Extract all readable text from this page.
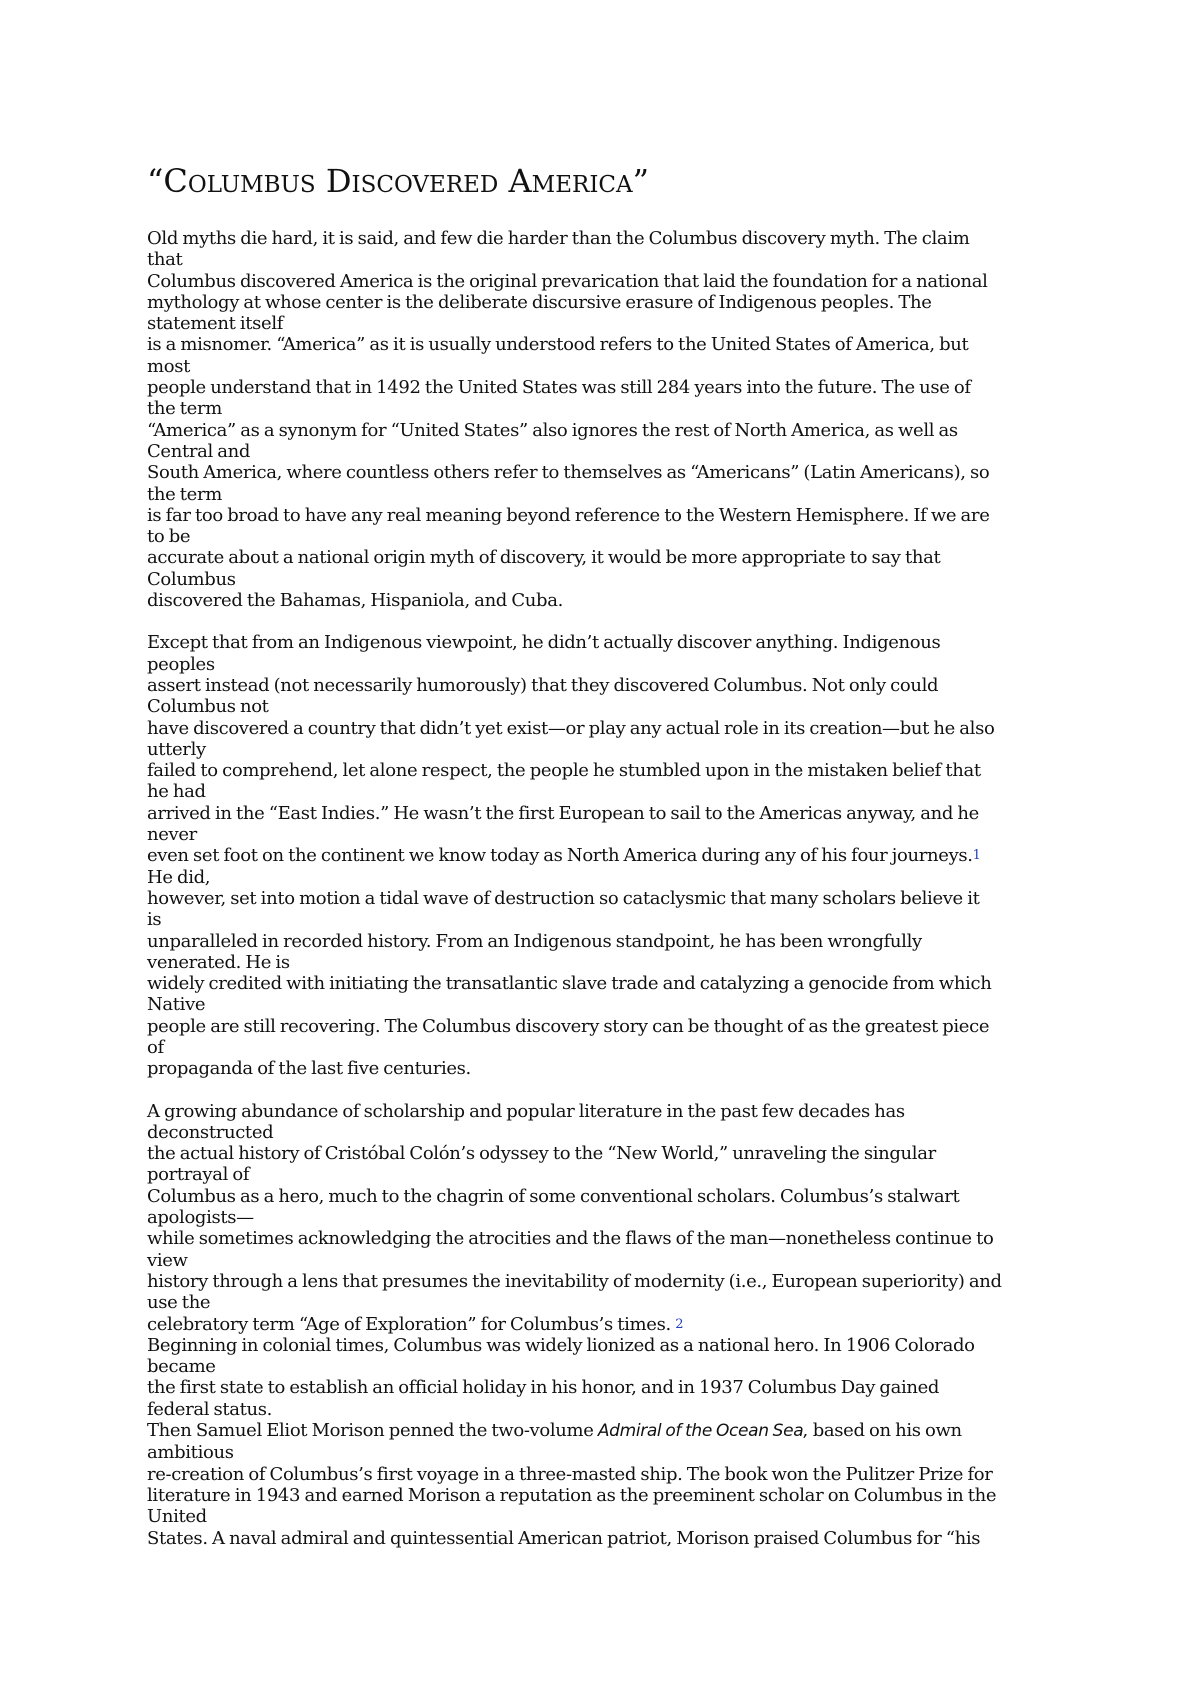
“COLUMBUS DISCOVERED AMERICA”
Old myths die hard, it is said, and few die harder than the Columbus discovery myth. The claim
that
Columbus discovered America is the original prevarication that laid the foundation for a national
mythology at whose center is the deliberate discursive erasure of Indigenous peoples. The
statement itself
is a misnomer. “America” as it is usually understood refers to the United States of America, but
most
people understand that in 1492 the United States was still 284 years into the future. The use of
the term
“America” as a synonym for “United States” also ignores the rest of North America, as well as
Central and
South America, where countless others refer to themselves as “Americans” (Latin Americans), so
the term
is far too broad to have any real meaning beyond reference to the Western Hemisphere. If we are
to be
accurate about a national origin myth of discovery, it would be more appropriate to say that
Columbus
discovered the Bahamas, Hispaniola, and Cuba.
Except that from an Indigenous viewpoint, he didn’t actually discover anything. Indigenous
peoples
assert instead (not necessarily humorously) that they discovered Columbus. Not only could
Columbus not
have discovered a country that didn’t yet exist—or play any actual role in its creation—but he also
utterly
failed to comprehend, let alone respect, the people he stumbled upon in the mistaken belief that
he had
arrived in the “East Indies.” He wasn’t the first European to sail to the Americas anyway, and he
never
even set foot on the continent we know today as North America during any of his four journeys.1
He did,
however, set into motion a tidal wave of destruction so cataclysmic that many scholars believe it
is
unparalleled in recorded history. From an Indigenous standpoint, he has been wrongfully
venerated. He is
widely credited with initiating the transatlantic slave trade and catalyzing a genocide from which
Native
people are still recovering. The Columbus discovery story can be thought of as the greatest piece
of
propaganda of the last five centuries.
A growing abundance of scholarship and popular literature in the past few decades has
deconstructed
the actual history of Cristóbal Colón’s odyssey to the “New World,” unraveling the singular
portrayal of
Columbus as a hero, much to the chagrin of some conventional scholars. Columbus’s stalwart
apologists—
while sometimes acknowledging the atrocities and the flaws of the man—nonetheless continue to
view
history through a lens that presumes the inevitability of modernity (i.e., European superiority) and
use the
celebratory term “Age of Exploration” for Columbus’s times. 2
Beginning in colonial times, Columbus was widely lionized as a national hero. In 1906 Colorado
became
the first state to establish an official holiday in his honor, and in 1937 Columbus Day gained
federal status.
Then Samuel Eliot Morison penned the two-volume Admiral of the Ocean Sea, based on his own
ambitious
re-creation of Columbus’s first voyage in a three-masted ship. The book won the Pulitzer Prize for
literature in 1943 and earned Morison a reputation as the preeminent scholar on Columbus in the
United
States. A naval admiral and quintessential American patriot, Morison praised Columbus for “his
